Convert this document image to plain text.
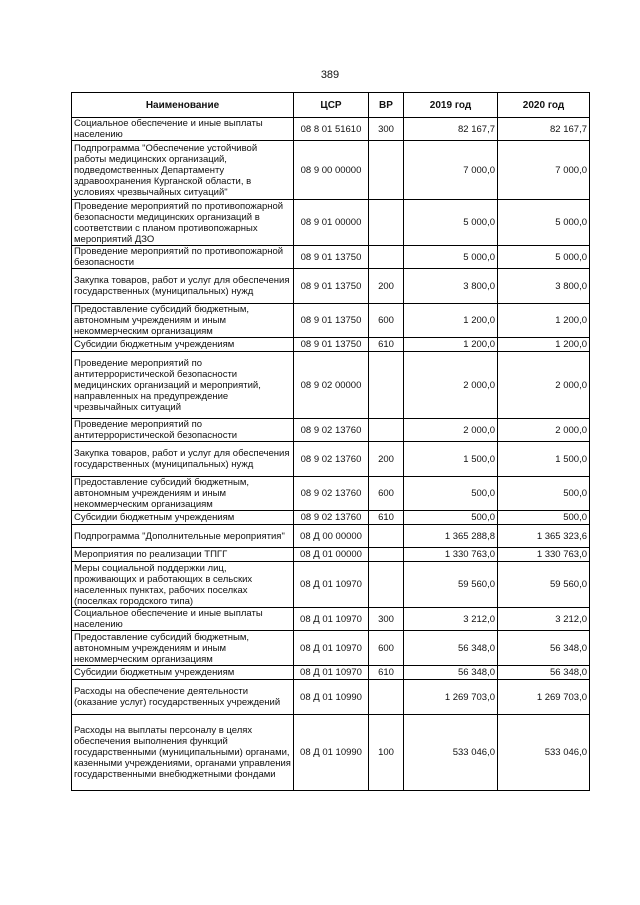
389
Наименование	ЦСР	ВР	2019 год	2020 год
Социальное обеспечение и иные выплаты населению	08 8 01 51610	300	82 167,7	82 167,7
Подпрограмма "Обеспечение устойчивой работы медицинских организаций, подведомственных Департаменту здравоохранения Курганской области, в условиях чрезвычайных ситуаций"	08 9 00 00000		7 000,0	7 000,0
Проведение мероприятий по противопожарной безопасности медицинских организаций в соответствии с планом противопожарных мероприятий ДЗО	08 9 01 00000		5 000,0	5 000,0
Проведение мероприятий по противопожарной безопасности	08 9 01 13750		5 000,0	5 000,0
Закупка товаров, работ и услуг для обеспечения государственных (муниципальных) нужд	08 9 01 13750	200	3 800,0	3 800,0
Предоставление субсидий бюджетным, автономным учреждениям и иным некоммерческим организациям	08 9 01 13750	600	1 200,0	1 200,0
Субсидии бюджетным учреждениям	08 9 01 13750	610	1 200,0	1 200,0
Проведение мероприятий по антитеррористической безопасности медицинских организаций и мероприятий, направленных на предупреждение чрезвычайных ситуаций	08 9 02 00000		2 000,0	2 000,0
Проведение мероприятий по антитеррористической безопасности	08 9 02 13760		2 000,0	2 000,0
Закупка товаров, работ и услуг для обеспечения государственных (муниципальных) нужд	08 9 02 13760	200	1 500,0	1 500,0
Предоставление субсидий бюджетным, автономным учреждениям и иным некоммерческим организациям	08 9 02 13760	600	500,0	500,0
Субсидии бюджетным учреждениям	08 9 02 13760	610	500,0	500,0
Подпрограмма "Дополнительные мероприятия"	08 Д 00 00000		1 365 288,8	1 365 323,6
Мероприятия по реализации ТПГГ	08 Д 01 00000		1 330 763,0	1 330 763,0
Меры социальной поддержки лиц, проживающих и работающих в сельских населенных пунктах, рабочих поселках (поселках городского типа)	08 Д 01 10970		59 560,0	59 560,0
Социальное обеспечение и иные выплаты населению	08 Д 01 10970	300	3 212,0	3 212,0
Предоставление субсидий бюджетным, автономным учреждениям и иным некоммерческим организациям	08 Д 01 10970	600	56 348,0	56 348,0
Субсидии бюджетным учреждениям	08 Д 01 10970	610	56 348,0	56 348,0
Расходы на обеспечение деятельности (оказание услуг) государственных учреждений	08 Д 01 10990		1 269 703,0	1 269 703,0
Расходы на выплаты персоналу в целях обеспечения выполнения функций государственными (муниципальными) органами, казенными учреждениями, органами управления государственными внебюджетными фондами	08 Д 01 10990	100	533 046,0	533 046,0
